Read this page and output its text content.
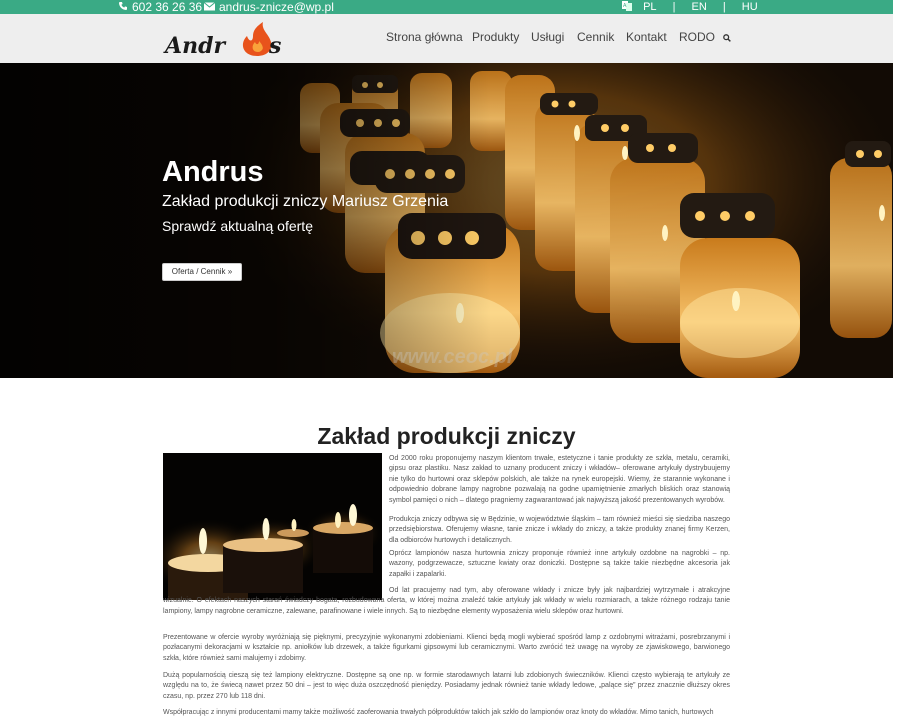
602 36 26 36	andrus-znicze@wp.pl	A PL | EN | HU
Andr s	Strona główna Produkty Usługi Cennik Kontakt RODO
Andrus
Zakład produkcji zniczy Mariusz Grzenia
Sprawdź aktualną ofertę
Oferta / Cennik »
www.ceoc.pl
Zakład produkcji zniczy

Od 2000 roku proponujemy naszym klientom trwałe, estetyczne i tanie produkty ze szkła, metalu, ceramiki, gipsu oraz plastiku. Nasz zakład to uznany producent zniczy i wkładów– oferowane artykuły dystrybuujemy nie tylko do hurtowni oraz sklepów polskich, ale także na rynek europejski. Wiemy, że starannie wykonane i odpowiednio dobrane lampy nagrobne pozwalają na godne upamiętnienie zmarłych bliskich oraz stanowią symbol pamięci o nich – dlatego pragniemy zagwarantować jak najwyższą jakość prezentowanych wyrobów.

Produkcja zniczy odbywa się w Będzinie, w województwie śląskim – tam również mieści się siedziba naszego przedsiębiorstwa. Oferujemy własne, tanie znicze i wkłady do zniczy, a także produkty znanej firmy Kerzen, dla odbiorców hurtowych i detalicznych.

Oprócz lampionów nasza hurtownia zniczy proponuje również inne artykuły ozdobne na nagrobki – np. wazony, podgrzewacze, sztuczne kwiaty oraz doniczki. Dostępne są także takie niezbędne akcesoria jak zapałki i zapalarki.

Od lat pracujemy nad tym, aby oferowane wkłady i znicze były jak najbardziej wytrzymałe i atrakcyjne wizualnie. O efektach naszych starań świadczy bogata, rozbudowana oferta, w której można znaleźć takie artykuły jak wkłady w wielu rozmiarach, a także różnego rodzaju tanie lampiony, lampy nagrobne ceramiczne, zalewane, parafinowane i wiele innych. Są to niezbędne elementy wyposażenia wielu sklepów oraz hurtowni.

Prezentowane w ofercie wyroby wyróżniają się pięknymi, precyzyjnie wykonanymi zdobieniami. Klienci będą mogli wybierać spośród lamp z ozdobnymi witrażami, posrebrzanymi i pozłacanymi dekoracjami w kształcie np. aniołków lub drzewek, a także figurkami gipsowymi lub ceramicznymi. Warto zwrócić też uwagę na wyroby ze zjawiskowego, barwionego szkła, które również sami malujemy i zdobimy.

Dużą popularnością cieszą się też lampiony elektryczne. Dostępne są one np. w formie starodawnych latarni lub zdobionych świeczników. Klienci często wybierają te artykuły ze względu na to, że świecą nawet przez 50 dni – jest to więc duża oszczędność pieniędzy. Posiadamy jednak również tanie wkłady ledowe, „palące się” przez znacznie dłuższy okres czasu, np. przez 270 lub 118 dni.

Współpracując z innymi producentami mamy także możliwość zaoferowania trwałych półproduktów takich jak szkło do lampionów oraz knoty do wkładów. Mimo tanich, hurtowych
